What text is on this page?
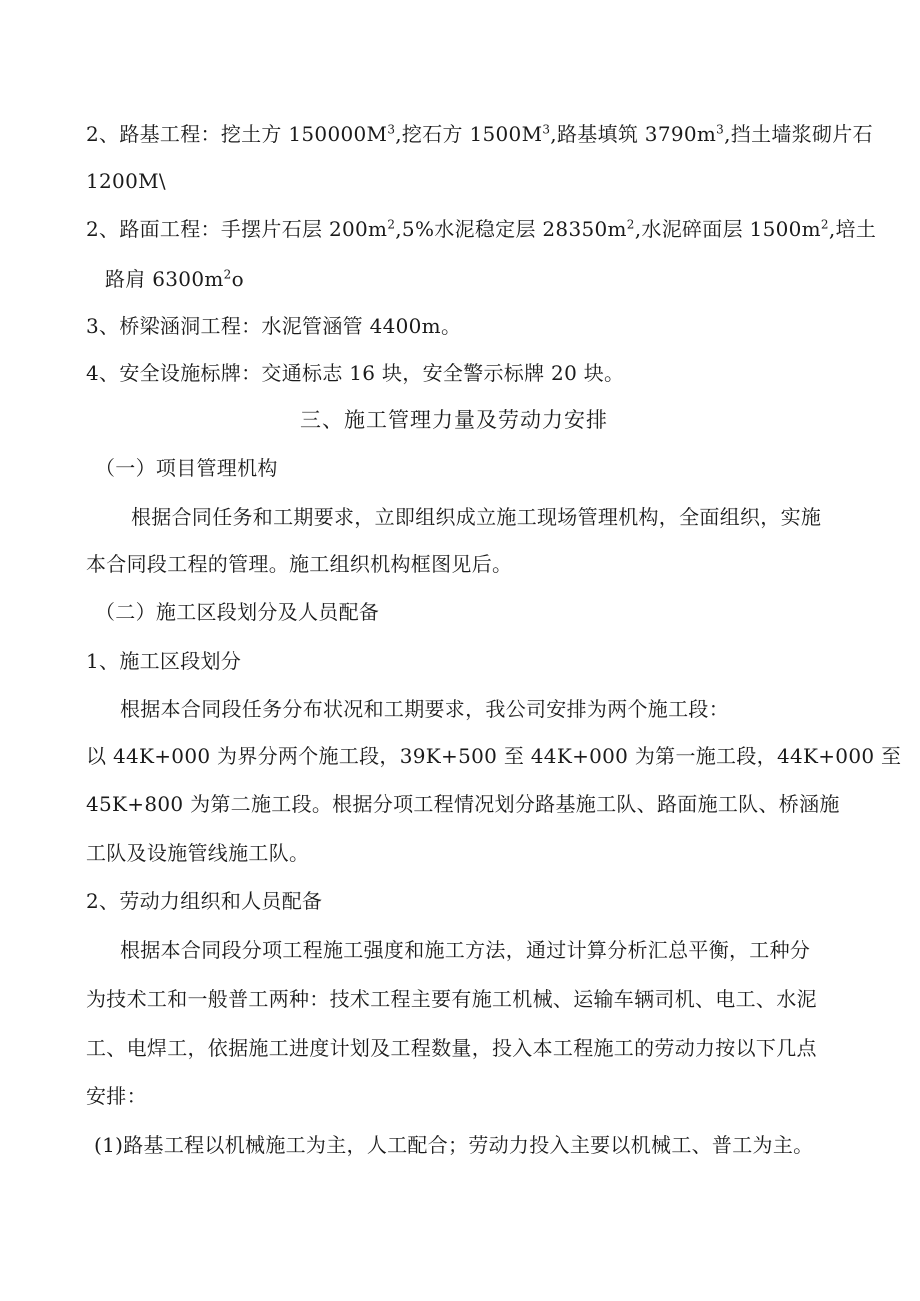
2、路基工程：挖土方 $150000M^3$,挖石方 $1500M^3$,路基填筑 $3790m^3$,挡土墙浆砌片石
1200M\
2、路面工程：手摆片石层 $200m^2,5\%$水泥稳定层 $28350m^2$,水泥碎面层 $1500m^2$,培土
路肩 $6300m^2o$
3、桥梁涵洞工程：水泥管涵管 4400m。
4、安全设施标牌：交通标志 16 块，安全警示标牌 20 块。
三、施工管理力量及劳动力安排
（一）项目管理机构
根据合同任务和工期要求，立即组织成立施工现场管理机构，全面组织，实施
本合同段工程的管理。施工组织机构框图见后。
（二）施工区段划分及人员配备
1、施工区段划分
根据本合同段任务分布状况和工期要求，我公司安排为两个施工段：
以 44K+000 为界分两个施工段，39K+500 至 44K+000 为第一施工段，44K+000 至
45K+800 为第二施工段。根据分项工程情况划分路基施工队、路面施工队、桥涵施
工队及设施管线施工队。
2、劳动力组织和人员配备
根据本合同段分项工程施工强度和施工方法，通过计算分析汇总平衡，工种分
为技术工和一般普工两种：技术工程主要有施工机械、运输车辆司机、电工、水泥
工、电焊工，依据施工进度计划及工程数量，投入本工程施工的劳动力按以下几点
安排：
(1)路基工程以机械施工为主，人工配合；劳动力投入主要以机械工、普工为主。
